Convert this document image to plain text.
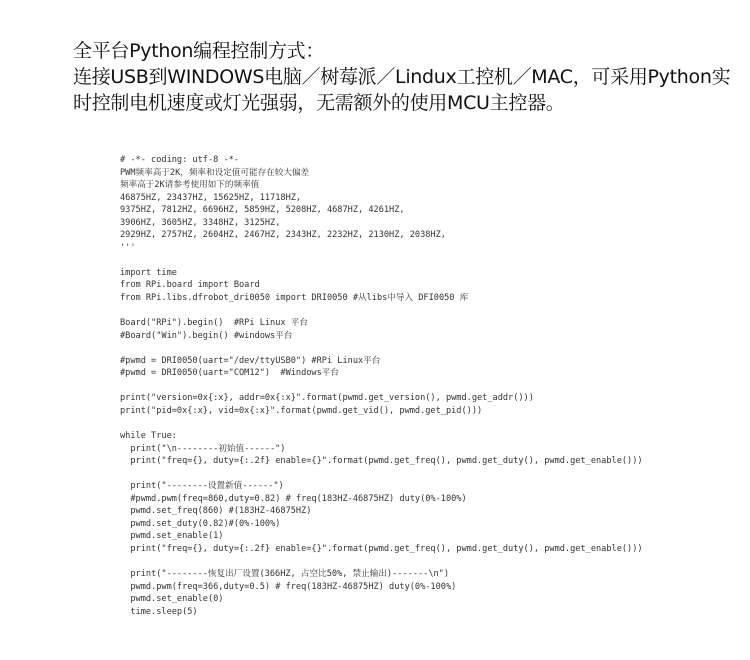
全平台Python编程控制方式：
连接USB到WINDOWS电脑／树莓派／Lindux工控机／MAC，可采用Python实
时控制电机速度或灯光强弱，无需额外的使用MCU主控器。
# -*- coding: utf-8 -*-
PWM频率高于2K，频率和设定值可能存在较大偏差
频率高于2K请参考使用如下的频率值
46875HZ, 23437HZ, 15625HZ, 11718HZ,
9375HZ, 7812HZ, 6696HZ, 5859HZ, 5208HZ, 4687HZ, 4261HZ,
3906HZ, 3605HZ, 3348HZ, 3125HZ,
2929HZ, 2757HZ, 2604HZ, 2467HZ, 2343HZ, 2232HZ, 2130HZ, 2038HZ,
'''
import time
from RPi.board import Board
from RPi.libs.dfrobot_dri0050 import DRI0050 #从libs中导入 DFI0050 库
Board("RPi").begin()  #RPi Linux 平台
#Board("Win").begin() #windows平台
#pwmd = DRI0050(uart="/dev/ttyUSB0") #RPi Linux平台
#pwmd = DRI0050(uart="COM12")  #Windows平台
print("version=0x{:x}, addr=0x{:x}".format(pwmd.get_version(), pwmd.get_addr()))
print("pid=0x{:x}, vid=0x{:x}".format(pwmd.get_vid(), pwmd.get_pid()))
while True:
print("\n--------初始值------")
print("freq={}, duty={:.2f} enable={}".format(pwmd.get_freq(), pwmd.get_duty(), pwmd.get_enable()))
print("--------设置新值------")
#pwmd.pwm(freq=860,duty=0.82) # freq(183HZ-46875HZ) duty(0%-100%)
pwmd.set_freq(860) #(183HZ-46875HZ)
pwmd.set_duty(0.82)#(0%-100%)
pwmd.set_enable(1)
print("freq={}, duty={:.2f} enable={}".format(pwmd.get_freq(), pwmd.get_duty(), pwmd.get_enable()))
print("--------恢复出厂设置(366HZ, 占空比50%, 禁止输出)-------\n")
pwmd.pwm(freq=366,duty=0.5) # freq(183HZ-46875HZ) duty(0%-100%)
pwmd.set_enable(0)
time.sleep(5)
